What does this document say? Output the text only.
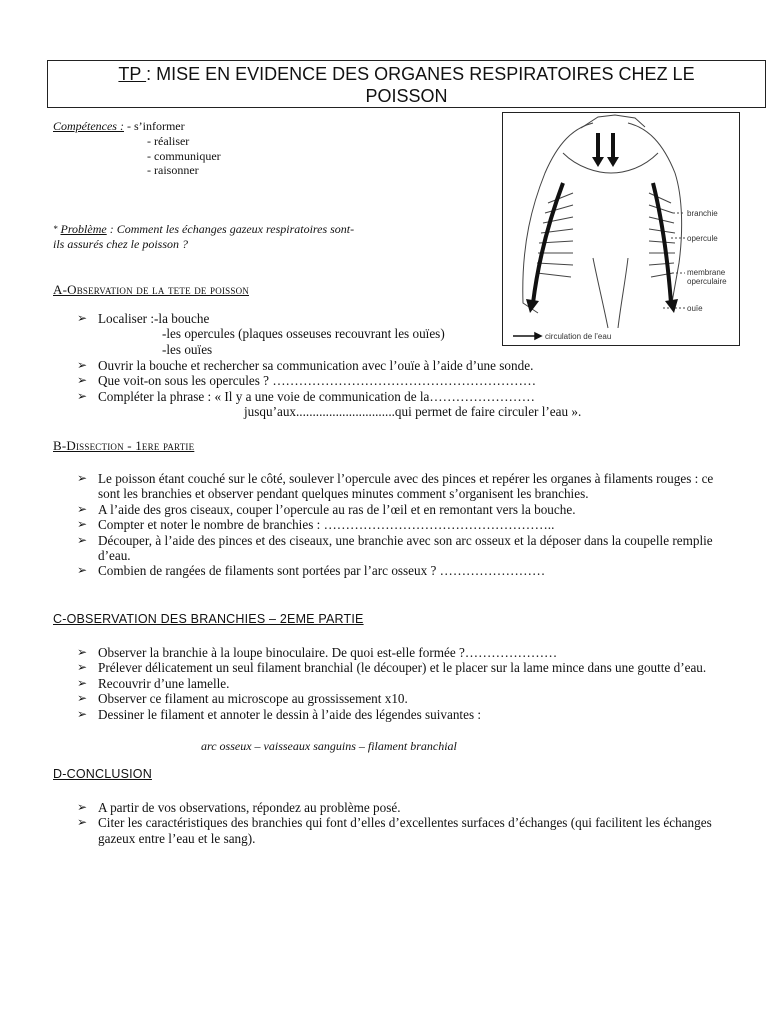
TP : MISE EN EVIDENCE DES ORGANES RESPIRATOIRES CHEZ LE
POISSON
Compétences : - s’informer
- réaliser
- communiquer
- raisonner
* Problème : Comment les échanges gazeux respiratoires sont-
ils assurés chez le poisson ?
branchie
opercule
membrane
operculaire
ouïe
circulation de l’eau
A-Observation de la tete de poisson
➢ Localiser :-la bouche
-les opercules (plaques osseuses recouvrant les ouïes)
-les ouïes
➢ Ouvrir la bouche et rechercher sa communication avec l’ouïe à l’aide d’une sonde.
➢ Que voit-on sous les opercules ? ……………………………………………………
➢ Compléter la phrase : « Il y a une voie de communication de la……………………
jusqu’aux..............................qui permet de faire circuler l’eau ».
B-Dissection - 1ere partie
➢ Le poisson étant couché sur le côté, soulever l’opercule avec des pinces et repérer les organes à filaments rouges : ce sont les branchies et observer pendant quelques minutes comment s’organisent les branchies.
➢ A l’aide des gros ciseaux, couper l’opercule au ras de l’œil et en remontant vers la bouche.
➢ Compter et noter le nombre de branchies : ……………………………………………..
➢ Découper, à l’aide des pinces et des ciseaux, une branchie avec son arc osseux et la déposer dans la coupelle remplie d’eau.
➢ Combien de rangées de filaments sont portées par l’arc osseux ? ……………………
C-OBSERVATION DES BRANCHIES – 2EME PARTIE
➢ Observer la branchie à la loupe binoculaire. De quoi est-elle formée ?…………………
➢ Prélever délicatement un seul filament branchial (le découper) et le placer sur la lame mince dans une goutte d’eau.
➢ Recouvrir d’une lamelle.
➢ Observer ce filament au microscope au grossissement x10.
➢ Dessiner le filament et annoter le dessin à l’aide des légendes suivantes :
arc osseux – vaisseaux sanguins – filament branchial
D-CONCLUSION
➢ A partir de vos observations, répondez au problème posé.
➢ Citer les caractéristiques des branchies qui font d’elles d’excellentes surfaces d’échanges (qui facilitent les échanges gazeux entre l’eau et le sang).
